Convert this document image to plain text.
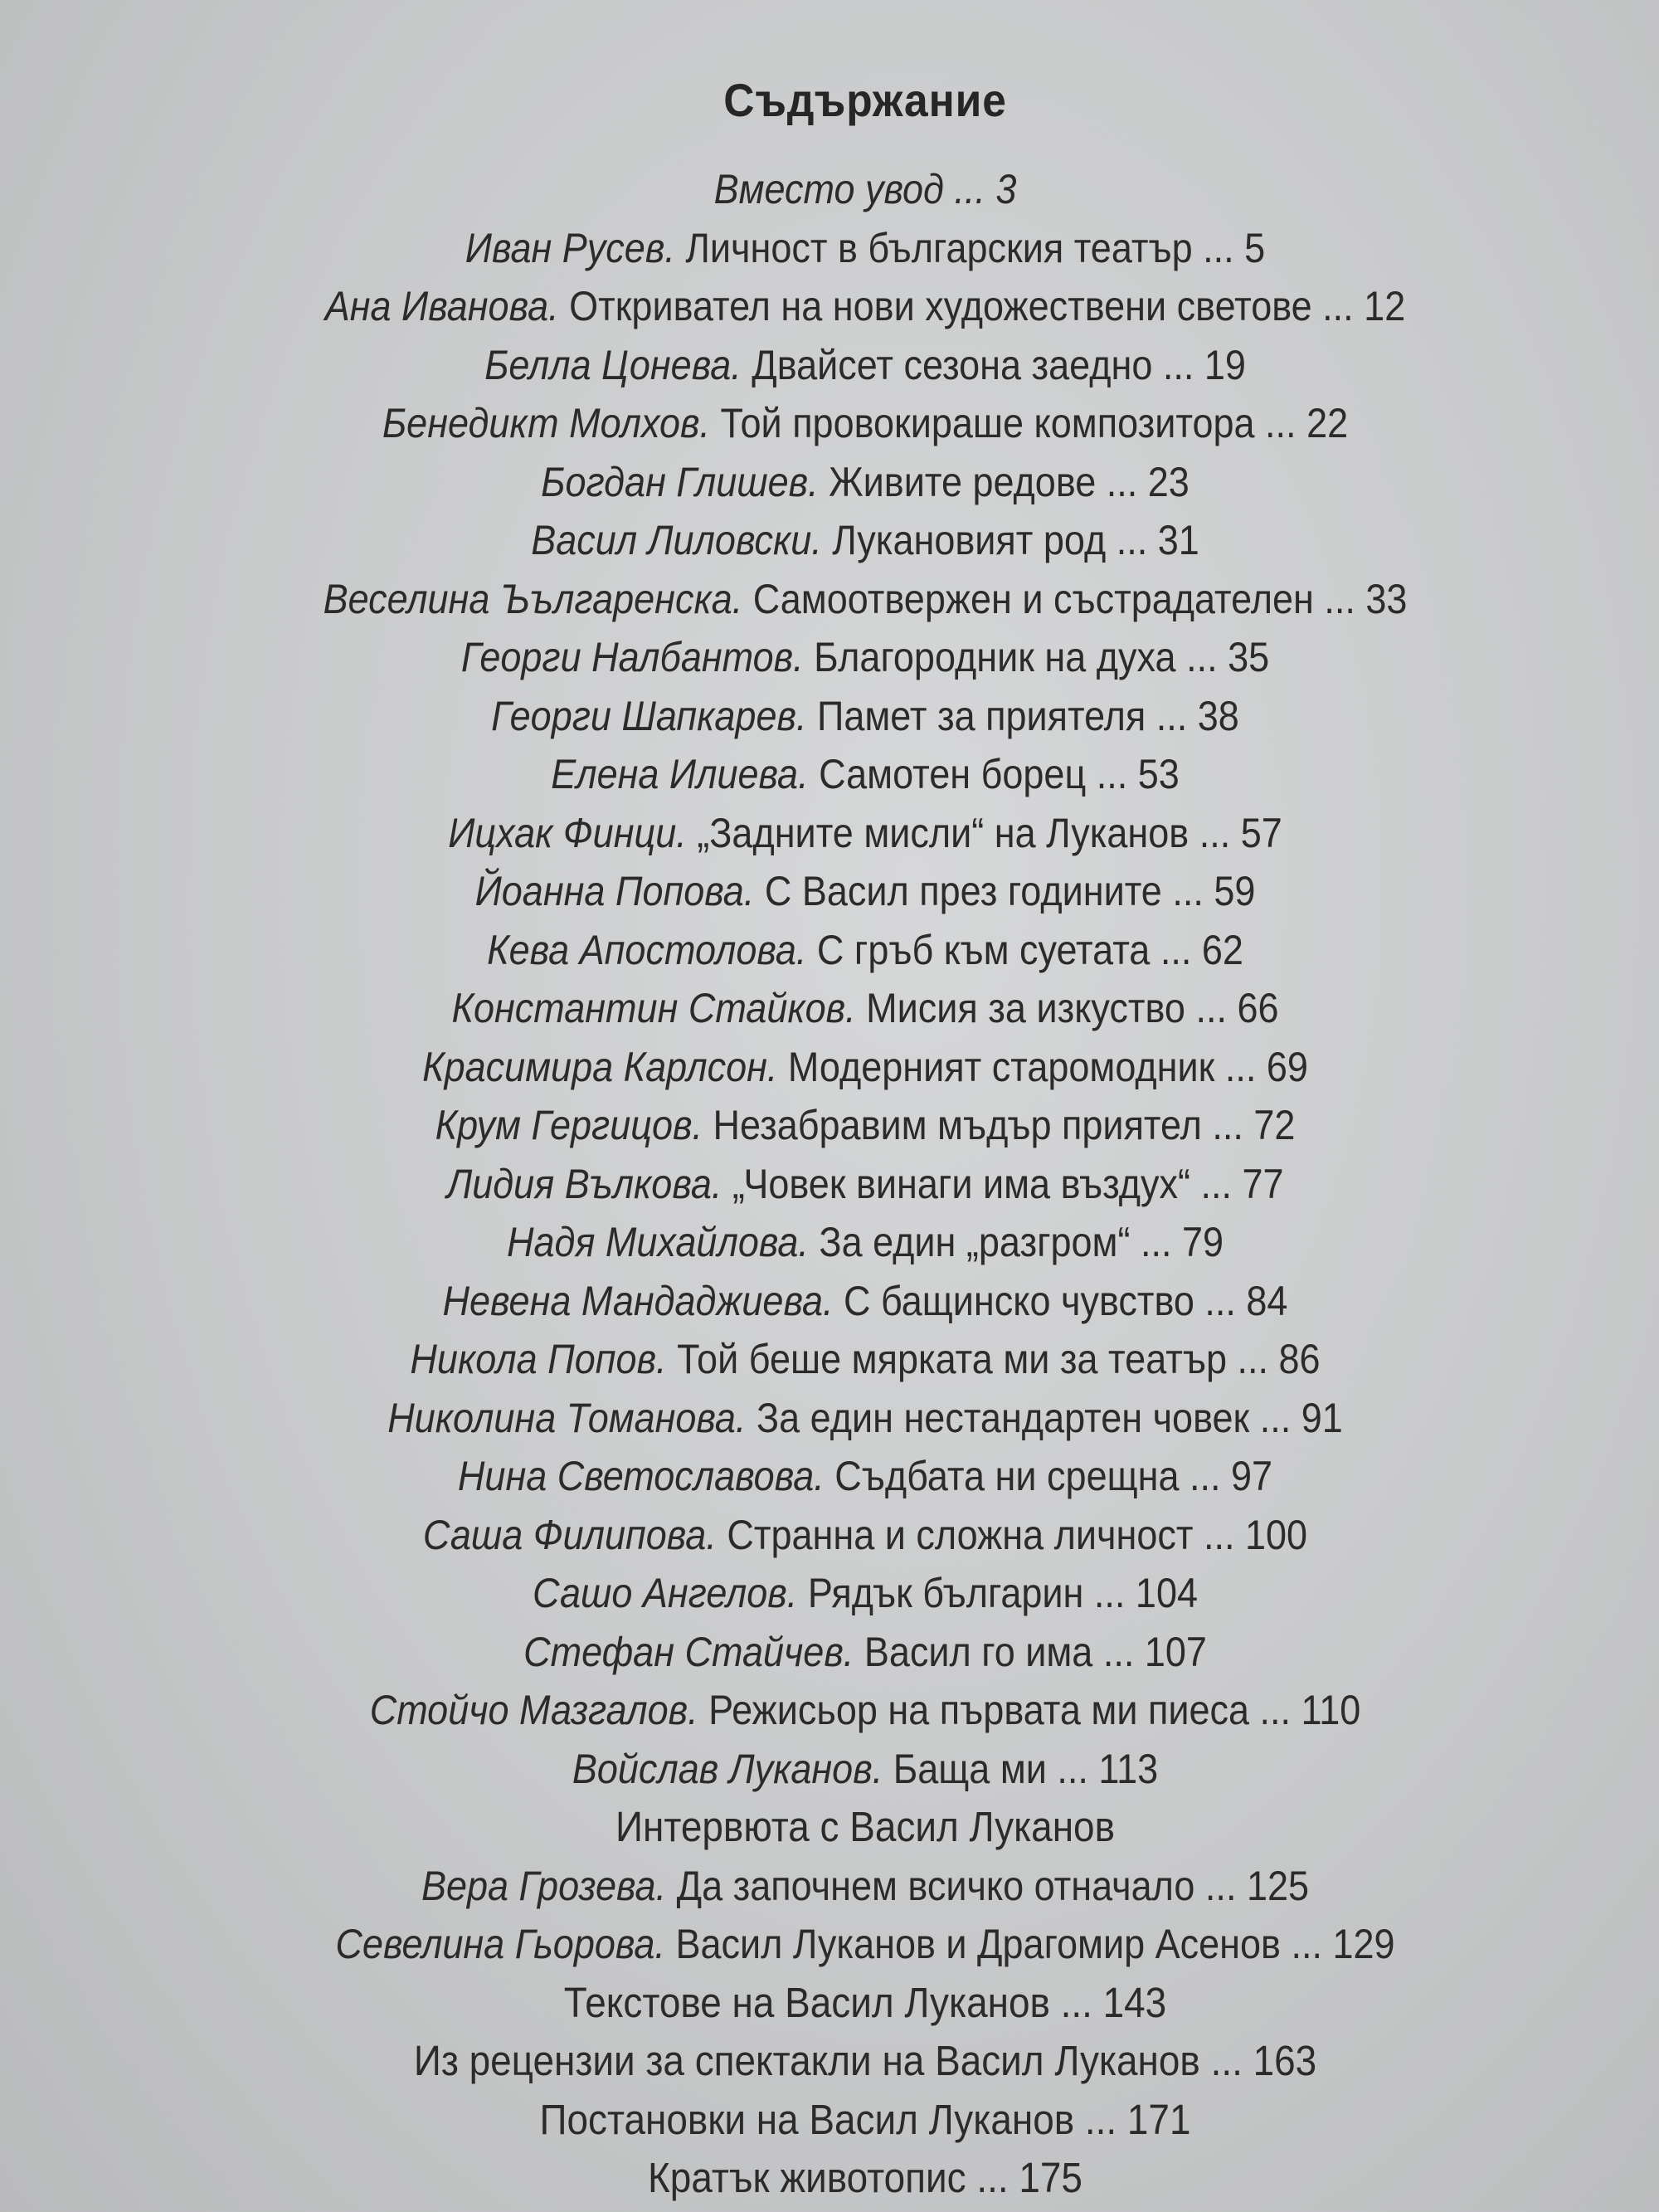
Съдържание
Вместо увод ... 3
Иван Русев. Личност в българския театър ... 5
Ана Иванова. Откривател на нови художествени светове ... 12
Белла Цонева. Двайсет сезона заедно ... 19
Бенедикт Молхов. Той провокираше композитора ... 22
Богдан Глишев. Живите редове ... 23
Васил Лиловски. Лукановият род ... 31
Веселина Ъългаренска. Самоотвержен и състрадателен ... 33
Георги Налбантов. Благородник на духа ... 35
Георги Шапкарев. Памет за приятеля ... 38
Елена Илиева. Самотен борец ... 53
Ицхак Финци. „Задните мисли“ на Луканов ... 57
Йоанна Попова. С Васил през годините ... 59
Кева Апостолова. С гръб към суетата ... 62
Константин Стайков. Мисия за изкуство ... 66
Красимира Карлсон. Модерният старомодник ... 69
Крум Гергицов. Незабравим мъдър приятел ... 72
Лидия Вълкова. „Човек винаги има въздух“ ... 77
Надя Михайлова. За един „разгром“ ... 79
Невена Мандаджиева. С бащинско чувство ... 84
Никола Попов. Той беше мярката ми за театър ... 86
Николина Томанова. За един нестандартен човек ... 91
Нина Светославова. Съдбата ни срещна ... 97
Саша Филипова. Странна и сложна личност ... 100
Сашо Ангелов. Рядък българин ... 104
Стефан Стайчев. Васил го има ... 107
Стойчо Мазгалов. Режисьор на първата ми пиеса ... 110
Войслав Луканов. Баща ми ... 113
Интервюта с Васил Луканов
Вера Грозева. Да започнем всичко отначало ... 125
Севелина Гьорова. Васил Луканов и Драгомир Асенов ... 129
Текстове на Васил Луканов ... 143
Из рецензии за спектакли на Васил Луканов ... 163
Постановки на Васил Луканов ... 171
Кратък животопис ... 175
